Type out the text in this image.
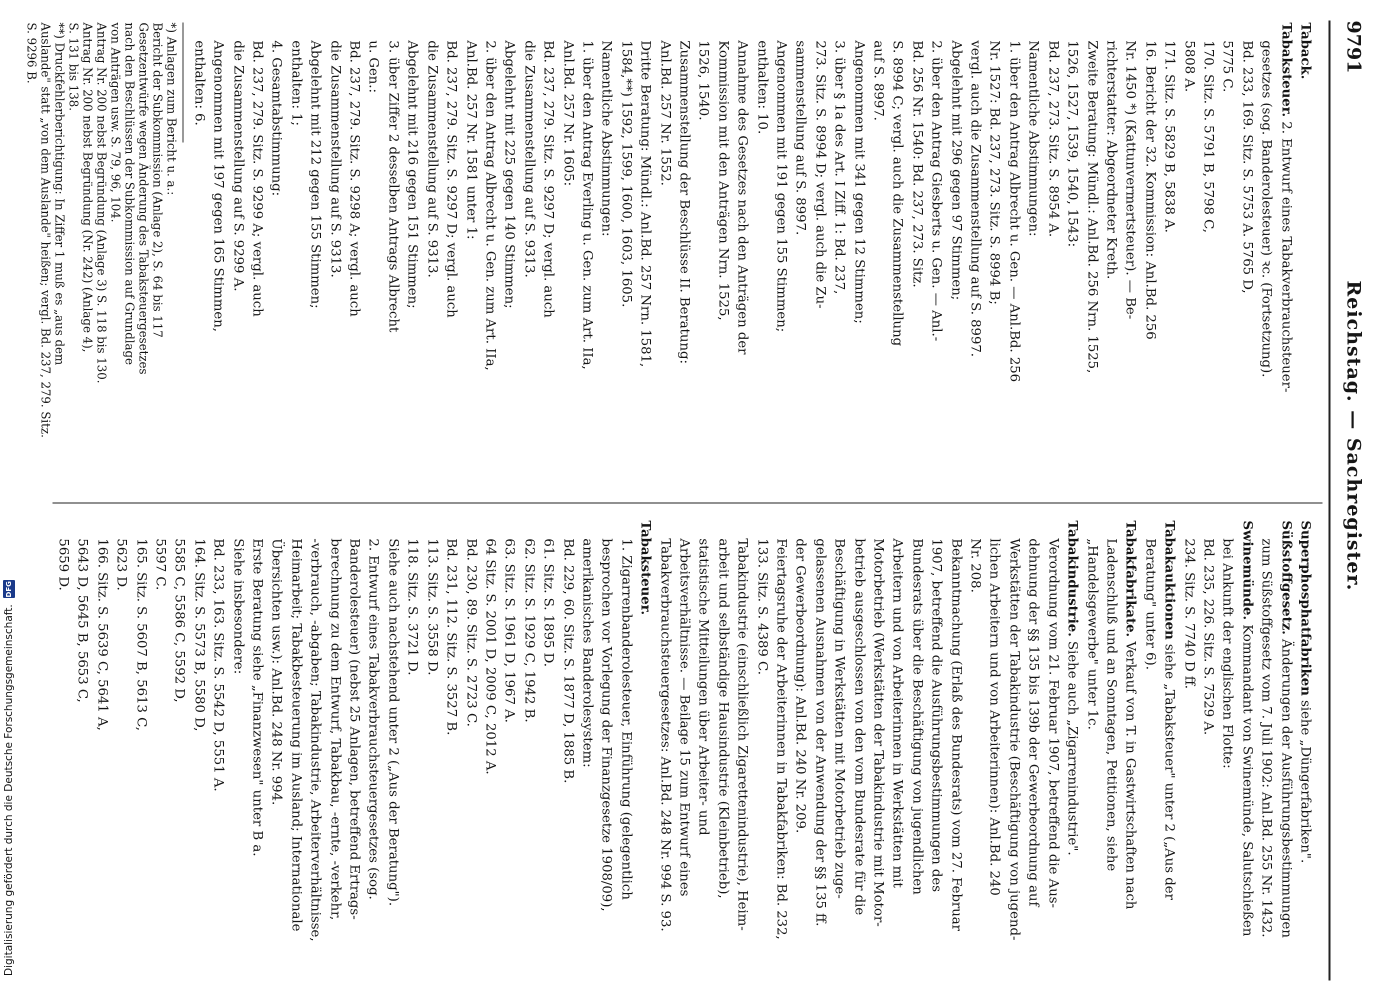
9791
Reichstag. — Sachregister.
Taback.
Tabaksteuer. 2. Entwurf eines Tabakverbrauchsteuer-
gesetzes (sog. Banderolesteuer) ꝛc. (Fortsetzung).
Bd. 233, 169. Sitz. S. 5753 A. 5765 D,
5775 C.
170. Sitz. S. 5791 B, 5798 C,
5808 A.
171. Sitz. S. 5829 B, 5838 A.
16. Bericht der 32. Kommission: Anl.Bd. 256
Nr. 1450 *) (Kattunvermertsteuer). — Be-
richterstatter: Abgeordneter Kreth.
Zweite Beratung: Mündl.: Anl.Bd. 256 Nrn. 1525,
1526, 1527, 1539, 1540, 1543:
Bd. 237, 273. Sitz. S. 8954 A.
Namentliche Abstimmungen:
1. über den Antrag Albrecht u. Gen. — Anl.Bd. 256
Nr. 1527: Bd. 237, 273. Sitz. S. 8994 B;
vergl. auch die Zusammenstellung auf S. 8997.
Abgelehnt mit 296 gegen 97 Stimmen;
2. über den Antrag Giesberts u. Gen. — Anl.-
Bd. 256 Nr. 1540: Bd. 237, 273. Sitz.
S. 8994 C; vergl. auch die Zusammenstellung
auf S. 8997.
Angenommen mit 341 gegen 12 Stimmen;
3. über § 1a des Art. I Ziff. 1: Bd. 237,
273. Sitz. S. 8994 D; vergl. auch die Zu-
sammenstellung auf S. 8997.
Angenommen mit 191 gegen 155 Stimmen;
enthalten: 10.
Annahme des Gesetzes nach den Anträgen der
Kommission mit den Anträgen Nrn. 1525,
1526, 1540.
Zusammenstellung der Beschlüsse II. Beratung:
Anl.Bd. 257 Nr. 1552.
Dritte Beratung: Mündl.: Anl.Bd. 257 Nrn. 1581,
1584,**) 1592, 1599, 1600, 1603, 1605.
Namentliche Abstimmungen:
1. über den Antrag Everling u. Gen. zum Art. IIa,
Anl.Bd. 257 Nr. 1605:
Bd. 237, 279. Sitz. S. 9297 D; vergl. auch
die Zusammenstellung auf S. 9313.
Abgelehnt mit 225 gegen 140 Stimmen;
2. über den Antrag Albrecht u. Gen. zum Art. IIa,
Anl.Bd. 257 Nr. 1581 unter 1:
Bd. 237, 279. Sitz. S. 9297 D; vergl. auch
die Zusammenstellung auf S. 9313.
Abgelehnt mit 216 gegen 151 Stimmen;
3. über Ziffer 2 desselben Antrags Albrecht
u. Gen.:
Bd. 237, 279. Sitz. S. 9298 A; vergl. auch
die Zusammenstellung auf S. 9313.
Abgelehnt mit 212 gegen 155 Stimmen;
enthalten: 1;
4. Gesamtabstimmung:
Bd. 237, 279. Sitz. S. 9299 A; vergl. auch
die Zusammenstellung auf S. 9299 A.
Angenommen mit 197 gegen 165 Stimmen,
enthalten: 6.
*) Anlagen zum Bericht u. a.:
Bericht der Subkommission (Anlage 2), S. 64 bis 117
Gesetzentwürfe wegen Änderung des Tabaksteuergesetzes
nach den Beschlüssen der Subkommission auf Grundlage
von Anträgen usw. S. 79, 96, 104.
Antrag Nr. 200 nebst Begründung (Anlage 3) S. 118 bis 130.
Antrag Nr. 200 nebst Begründung (Nr. 242) (Anlage 4),
S. 131 bis 138.
**) Druckfehlerberichtigung: In Ziffer 1 muß es „aus dem
Auslande" statt „von dem Auslande" heißen; vergl. Bd. 237, 279. Sitz.
S. 9296 B.
Superphosphatfabriken siehe „Düngerfabriken".
Süßstoffgesetz. Änderungen der Ausführungsbestimmungen
zum Süßstoffgesetz vom 7. Juli 1902: Anl.Bd. 255 Nr. 1432.
Swinemünde. Kommandant von Swinemünde, Salutschießen
bei Ankunft der englischen Flotte:
Bd. 235, 226. Sitz. S. 7529 A.
234. Sitz. S. 7740 D ff.
Tabakauktionen siehe „Tabaksteuer" unter 2 („Aus der
Beratung" unter 6).
Tabakfabrikate. Verkauf von T. in Gastwirtschaften nach
Ladenschluß und an Sonntagen, Petitionen, siehe
„Handelsgewerbe" unter 1c.
Tabakindustrie. Siehe auch „Zigarrenindustrie".
Verordnung vom 21. Februar 1907, betreffend die Aus-
dehnung der §§ 135 bis 139b der Gewerbeordnung auf
Werkstätten der Tabakindustrie (Beschäftigung von jugend-
lichen Arbeitern und von Arbeiterinnen): Anl.Bd. 240
Nr. 208.
Bekanntmachung (Erlaß des Bundesrats) vom 27. Februar
1907, betreffend die Ausführungsbestimmungen des
Bundesrats über die Beschäftigung von jugendlichen
Arbeitern und von Arbeiterinnen in Werkstätten mit
Motorbetrieb (Werkstätten der Tabakindustrie mit Motor-
betrieb ausgeschlossen von den vom Bundesrate für die
Beschäftigung in Werkstätten mit Motorbetrieb zuge-
gelassenen Ausnahmen von der Anwendung der §§ 135 ff.
der Gewerbeordnung): Anl.Bd. 240 Nr. 209.
Feiertagsruhe der Arbeiterinnen in Tabakfabriken: Bd. 232,
133. Sitz. S. 4389 C.
Tabakindustrie (einschließlich Zigarettenindustrie), Heim-
arbeit und selbständige Hausindustrie (Kleinbetrieb),
statistische Mitteilungen über Arbeiter- und
Arbeitsverhältnisse. — Beilage 15 zum Entwurf eines
Tabakverbrauchsteuergesetzes: Anl.Bd. 248 Nr. 994 S. 93.
Tabaksteuer.
1. Zigarrenbanderolesteuer, Einführung (gelegentlich
besprochen vor Vorlegung der Finanzgesetze 1908/09),
amerikanisches Banderolesystem:
Bd. 229, 60. Sitz. S. 1877 D, 1885 B.
61. Sitz. S. 1895 D.
62. Sitz. S. 1929 C, 1942 B.
63. Sitz. S. 1961 D, 1967 A.
64 Sitz. S. 2001 D, 2009 C, 2012 A.
Bd. 230, 89. Sitz. S. 2723 C.
Bd. 231, 112. Sitz. S. 3527 B.
113. Sitz. S. 3558 D.
118. Sitz. S. 3721 D.
Siehe auch nachstehend unter 2 („Aus der Beratung").
2. Entwurf eines Tabakverbrauchsteuergesetzes (sog.
Banderolesteuer) (nebst 25 Anlagen, betreffend Ertrags-
berechnung zu dem Entwurf, Tabakbau, -ernte, -verkehr,
-verbrauch, -abgaben; Tabakindustrie, Arbeiterverhältnisse,
Heimarbeit; Tabakbesteuerung im Ausland; Internationale
Übersichten usw.): Anl.Bd. 248 Nr. 994.
Erste Beratung siehe „Finanzwesen" unter B a.
Siehe insbesondere:
Bd. 233, 163. Sitz. S. 5542 D, 5551 A.
164. Sitz. S. 5573 B, 5580 D,
5585 C, 5586 C, 5592 D,
5597 C.
165. Sitz. S. 5607 B, 5613 C,
5623 D.
166. Sitz. S. 5639 C, 5641 A,
5643 D, 5645 B, 5653 C,
5659 D.
Digitalisierung gefördert durch die Deutsche Forschungsgemeinschaft.
DFG
